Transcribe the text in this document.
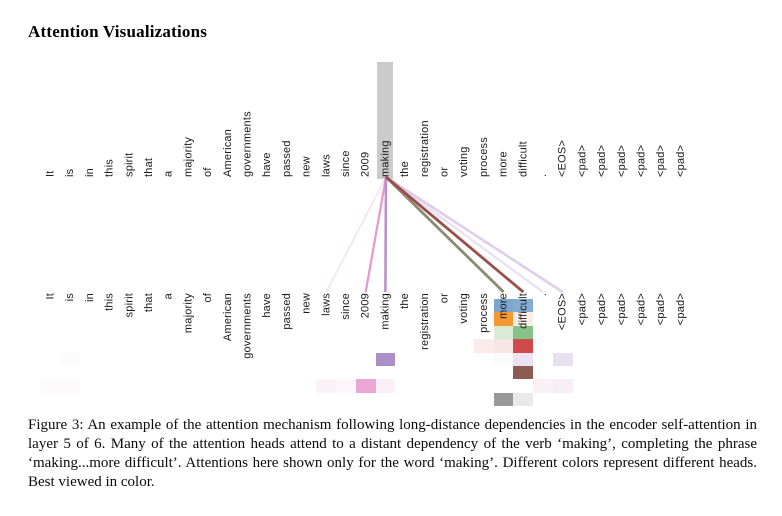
Attention Visualizations
It
It
is
is
in
in
this
this
spirit
spirit
that
that
a
a
majority
majority
of
of
American
American
governments
governments
have
have
passed
passed
new
new
laws
laws
since
since
2009
2009
making
making
the
the
registration
registration
or
or
voting
voting
process
process
more
more
difficult
difficult
.
.
<EOS>
<EOS>
<pad>
<pad>
<pad>
<pad>
<pad>
<pad>
<pad>
<pad>
<pad>
<pad>
<pad>
<pad>

Figure 3: An example of the attention mechanism following long-distance dependencies in the encoder self-attention in layer 5 of 6. Many of the attention heads attend to a distant dependency of the verb ‘making’, completing the phrase ‘making...more difficult’. Attentions here shown only for the word ‘making’. Different colors represent different heads. Best viewed in color.
